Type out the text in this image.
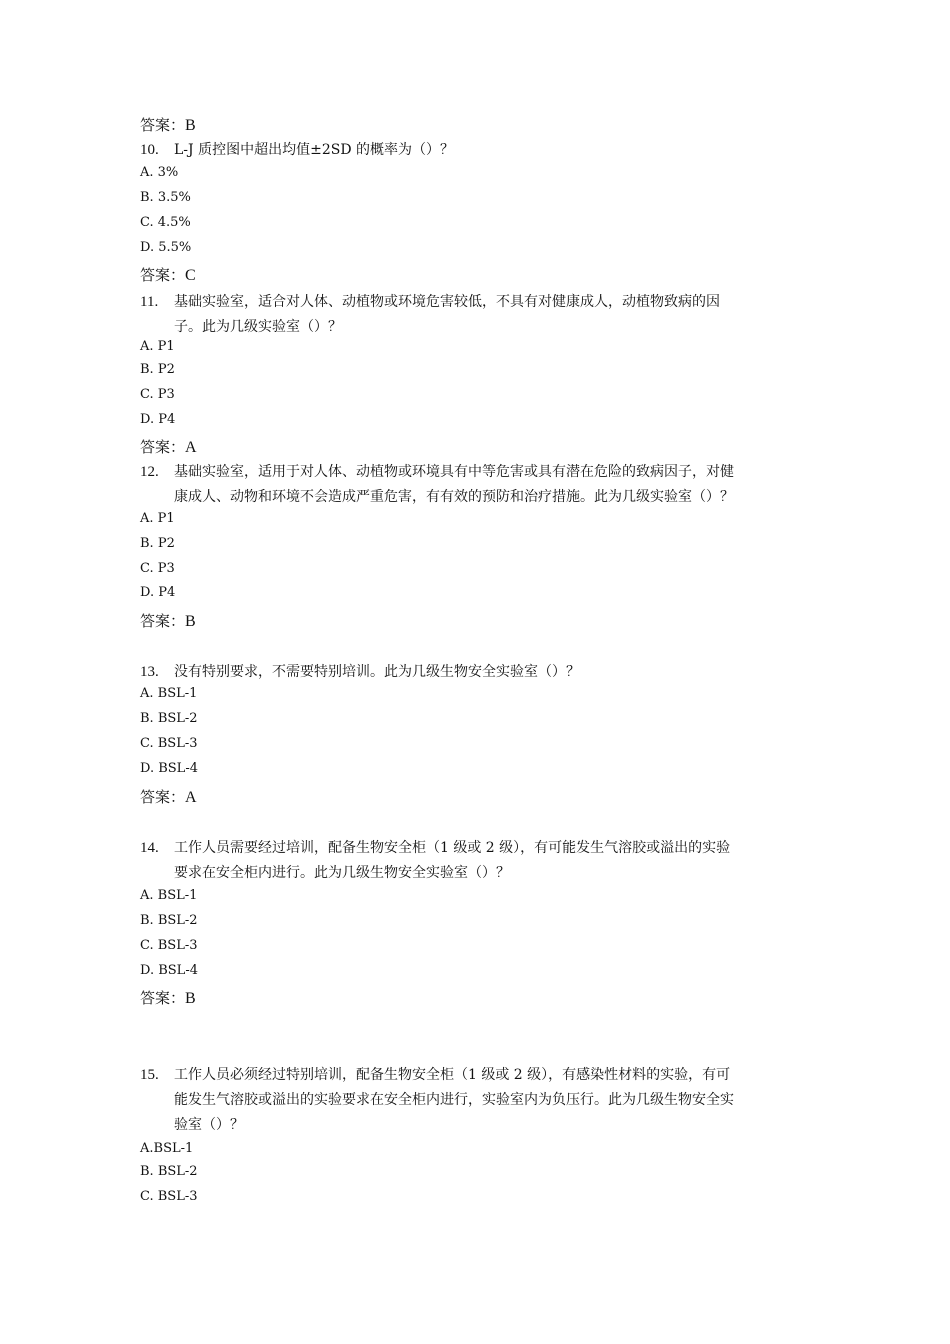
答案：B
10. L-J 质控图中超出均值±2SD 的概率为（）？
A. 3%
B. 3.5%
C. 4.5%
D. 5.5%
答案：C
11. 基础实验室，适合对人体、动植物或环境危害较低，不具有对健康成人，动植物致病的因
子。此为几级实验室（）？
A. P1
B. P2
C. P3
D. P4
答案：A
12. 基础实验室，适用于对人体、动植物或环境具有中等危害或具有潜在危险的致病因子，对健
康成人、动物和环境不会造成严重危害，有有效的预防和治疗措施。此为几级实验室（）？
A. P1
B. P2
C. P3
D. P4
答案：B
13. 没有特别要求，不需要特别培训。此为几级生物安全实验室（）？
A. BSL-1
B. BSL-2
C. BSL-3
D. BSL-4
答案：A
14. 工作人员需要经过培训，配备生物安全柜（1 级或 2 级），有可能发生气溶胶或溢出的实验
要求在安全柜内进行。此为几级生物安全实验室（）？
A. BSL-1
B. BSL-2
C. BSL-3
D. BSL-4
答案：B
15. 工作人员必须经过特别培训，配备生物安全柜（1 级或 2 级），有感染性材料的实验，有可
能发生气溶胶或溢出的实验要求在安全柜内进行，实验室内为负压行。此为几级生物安全实
验室（）？
A.BSL-1
B. BSL-2
C. BSL-3
